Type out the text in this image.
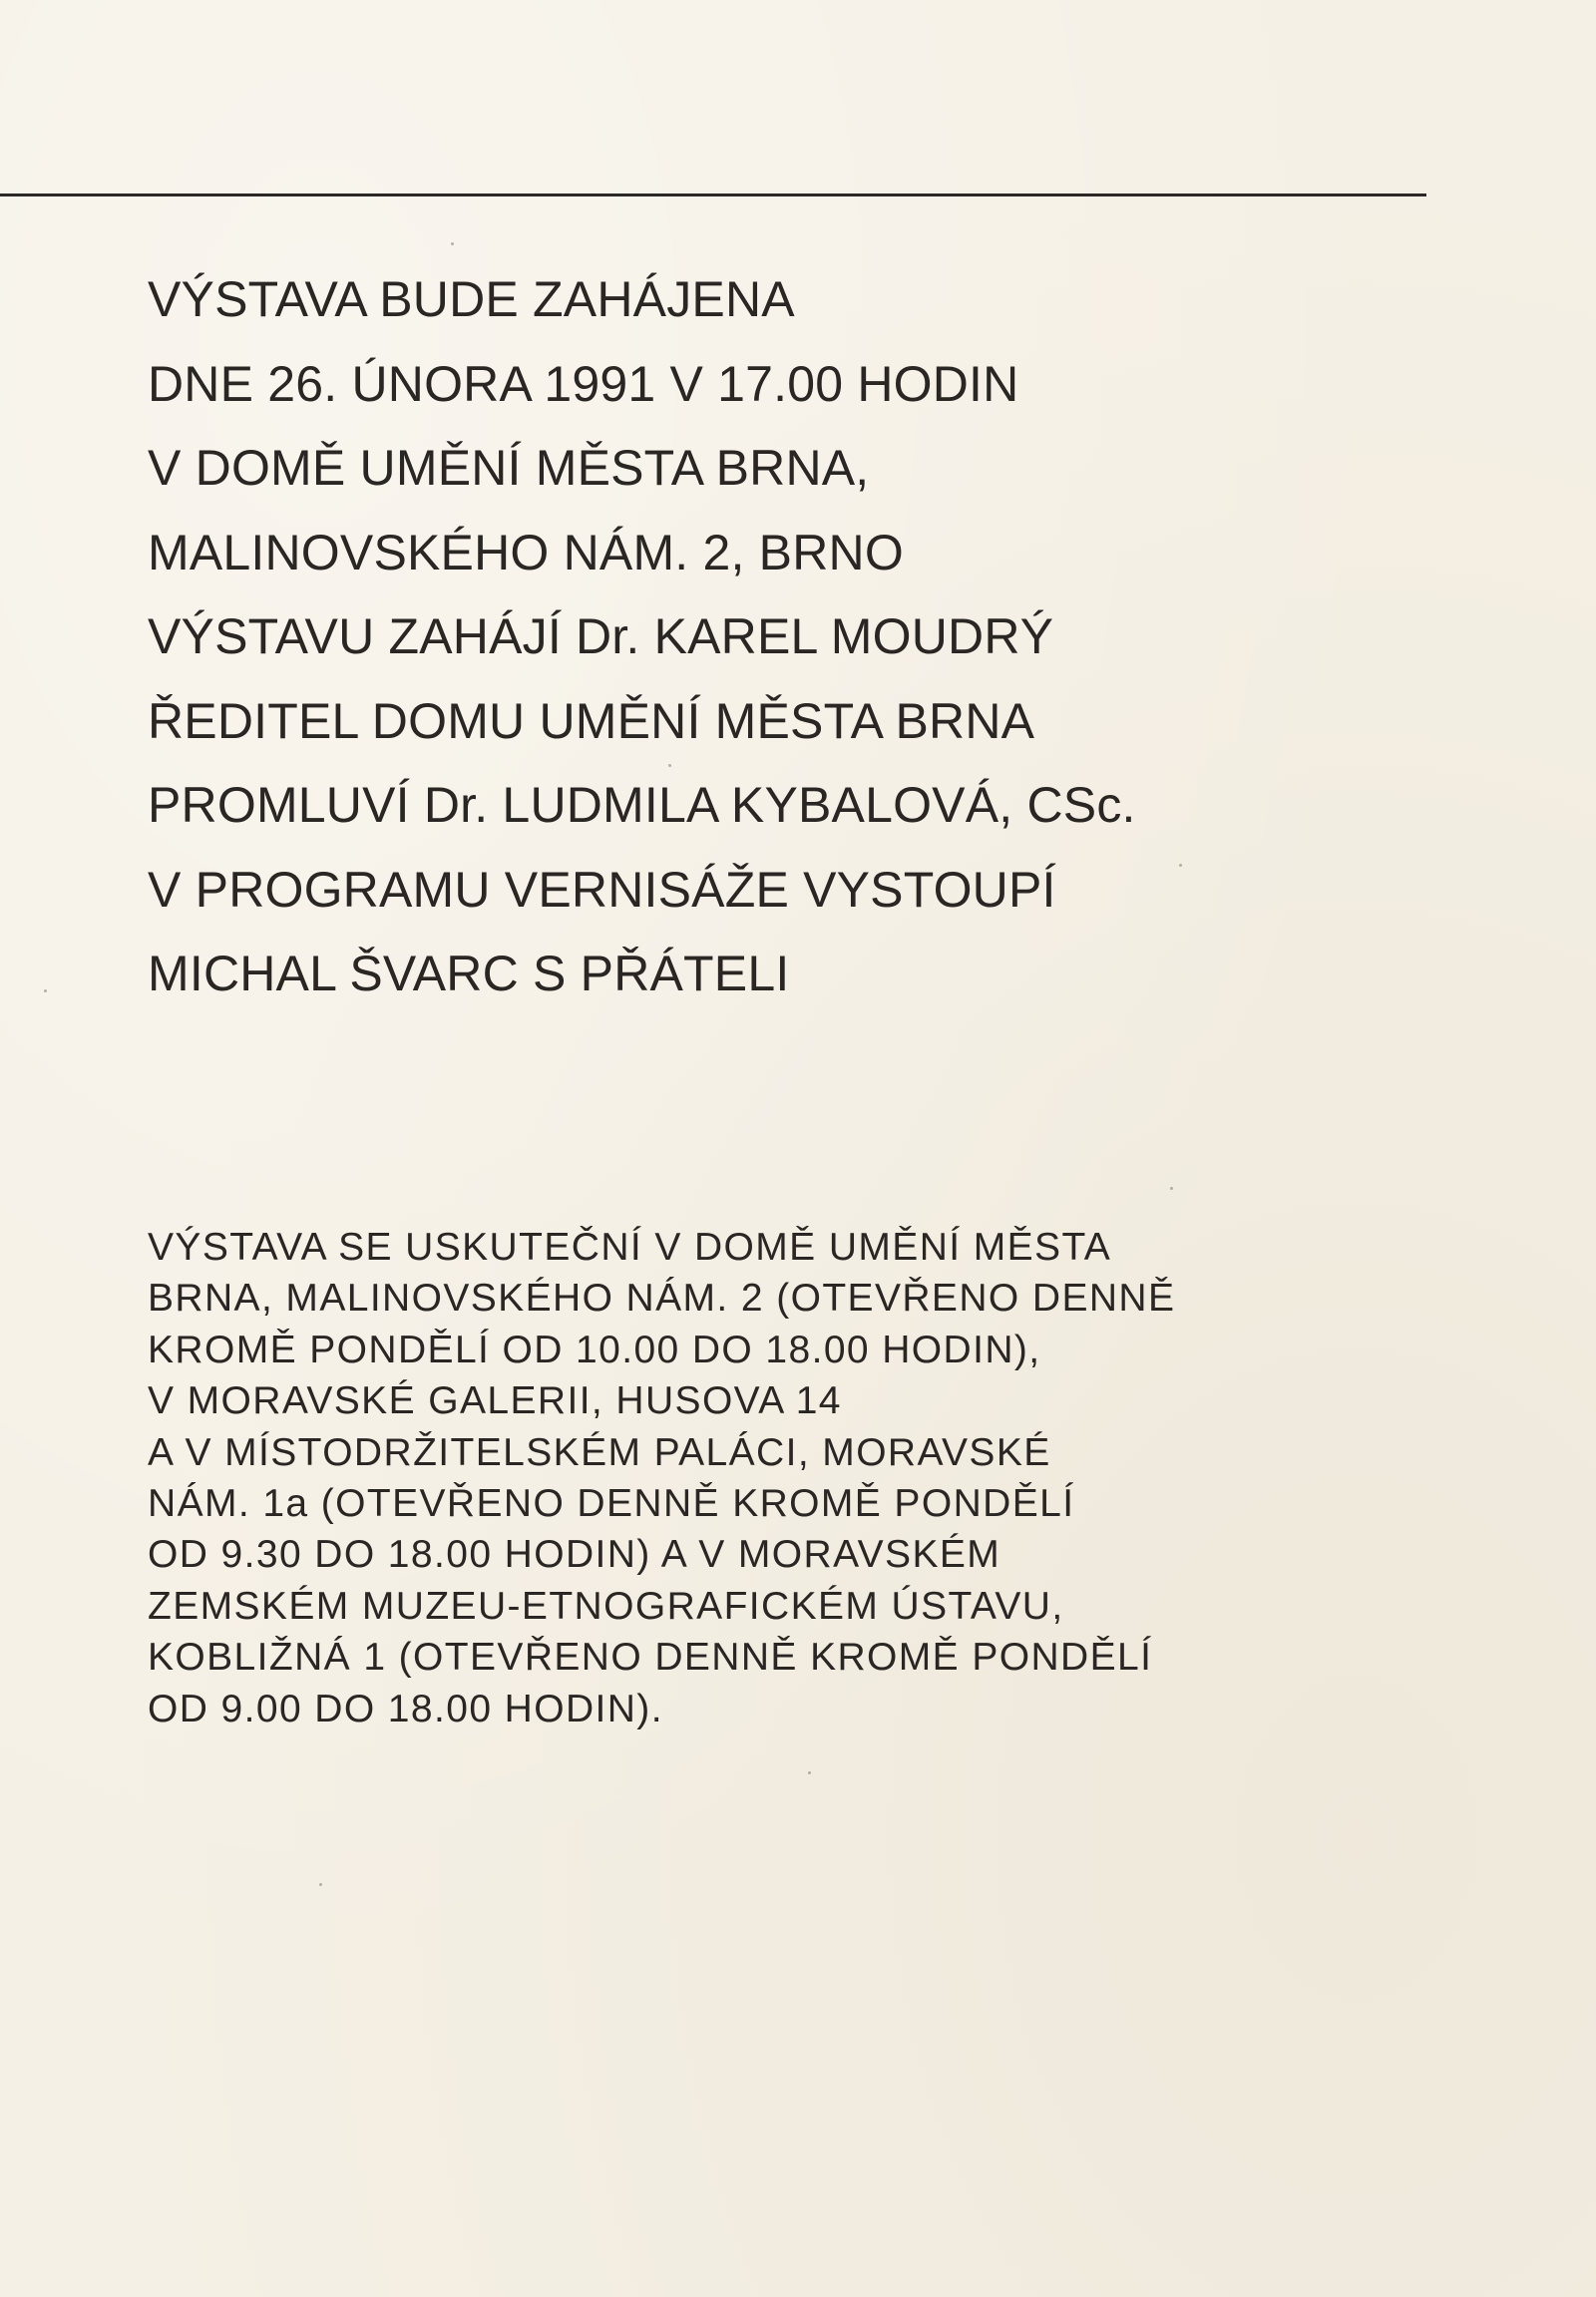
VÝSTAVA BUDE ZAHÁJENA
DNE 26. ÚNORA 1991 V 17.00 HODIN
V DOMĚ UMĚNÍ MĚSTA BRNA,
MALINOVSKÉHO NÁM. 2, BRNO
VÝSTAVU ZAHÁJÍ Dr. KAREL MOUDRÝ
ŘEDITEL DOMU UMĚNÍ MĚSTA BRNA
PROMLUVÍ Dr. LUDMILA KYBALOVÁ, CSc.
V PROGRAMU VERNISÁŽE VYSTOUPÍ
MICHAL ŠVARC S PŘÁTELI
VÝSTAVA SE USKUTEČNÍ V DOMĚ UMĚNÍ MĚSTA
BRNA, MALINOVSKÉHO NÁM. 2 (OTEVŘENO DENNĚ
KROMĚ PONDĚLÍ OD 10.00 DO 18.00 HODIN),
V MORAVSKÉ GALERII, HUSOVA 14
A V MÍSTODRŽITELSKÉM PALÁCI, MORAVSKÉ
NÁM. 1a (OTEVŘENO DENNĚ KROMĚ PONDĚLÍ
OD 9.30 DO 18.00 HODIN) A V MORAVSKÉM
ZEMSKÉM MUZEU-ETNOGRAFICKÉM ÚSTAVU,
KOBLIŽNÁ 1 (OTEVŘENO DENNĚ KROMĚ PONDĚLÍ
OD 9.00 DO 18.00 HODIN).
